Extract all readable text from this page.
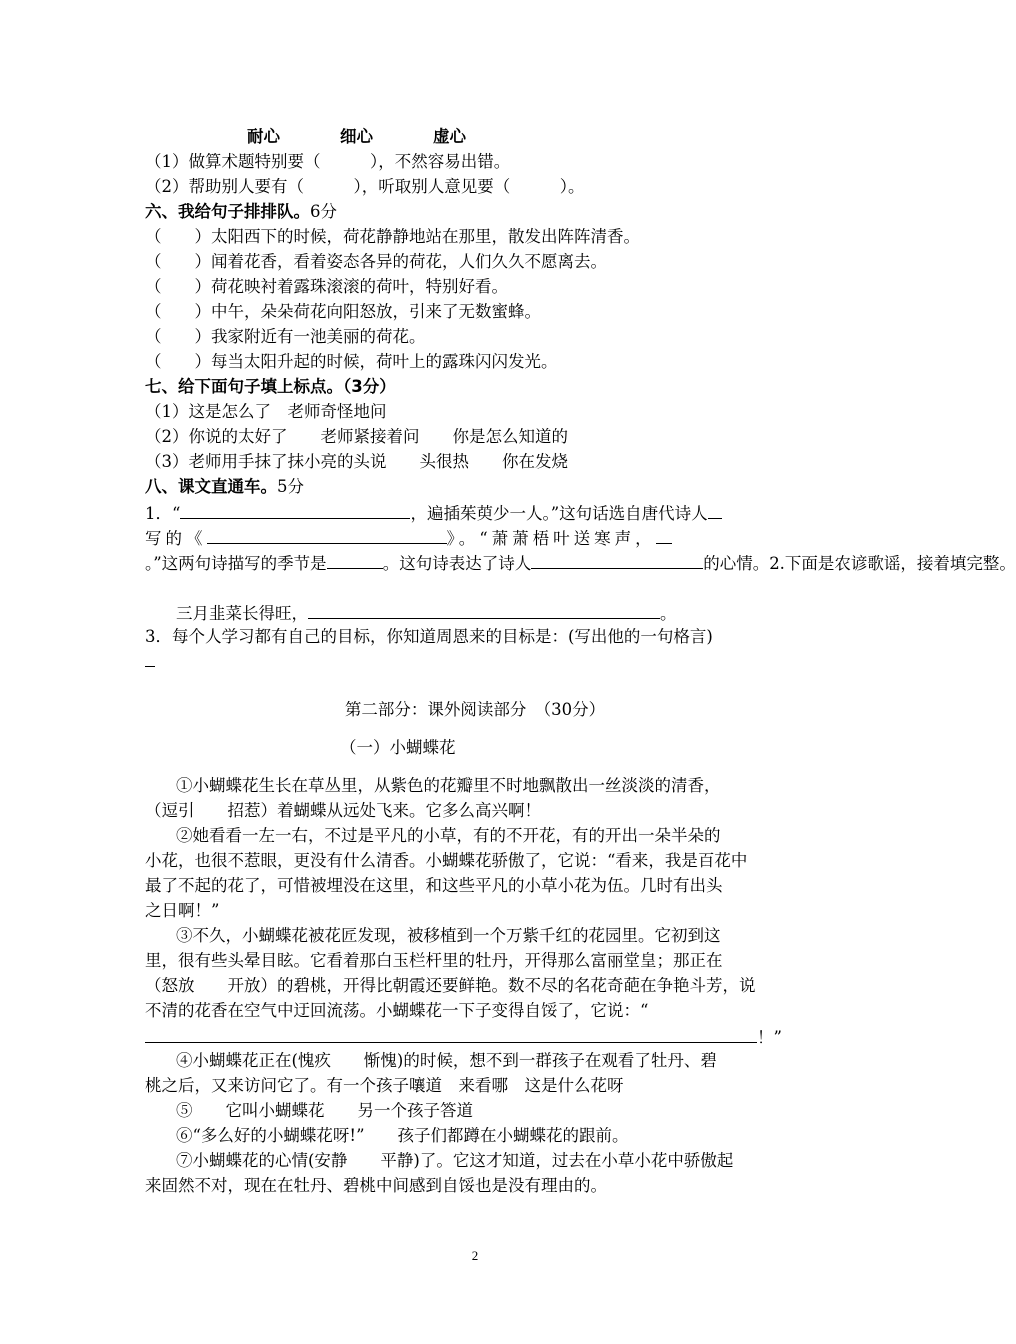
耐心	细心	虚心
（1）做算术题特别要（　　　），不然容易出错。
（2）帮助别人要有（　　　），听取别人意见要（　　　）。
六、我给句子排排队。6分
（　　）太阳西下的时候，荷花静静地站在那里，散发出阵阵清香。
（　　）闻着花香，看着姿态各异的荷花，人们久久不愿离去。
（　　）荷花映衬着露珠滚滚的荷叶，特别好看。
（　　）中午，朵朵荷花向阳怒放，引来了无数蜜蜂。
（　　）我家附近有一池美丽的荷花。
（　　）每当太阳升起的时候，荷叶上的露珠闪闪发光。
七、给下面句子填上标点。（3分）
（1）这是怎么了　老师奇怪地问
（2）你说的太好了　　老师紧接着问　　你是怎么知道的
（3）老师用手抹了抹小亮的头说　　头很热　　你在发烧
八、课文直通车。5分
1．“	，遍插茱萸少一人。”这句话选自唐代诗人
写的《	》。“萧萧梧叶送寒声，
。”这两句诗描写的季节是	。这句诗表达了诗人	的心情。2.下面是农谚歌谣，接着填完整。
三月韭菜长得旺，	。
3．每个人学习都有自己的目标，你知道周恩来的目标是：(写出他的一句格言)
第二部分：课外阅读部分　（30分）
（一）小蝴蝶花
①小蝴蝶花生长在草丛里，从紫色的花瓣里不时地飘散出一丝淡淡的清香，
（逗引　　招惹）着蝴蝶从远处飞来。它多么高兴啊！
②她看看一左一右，不过是平凡的小草，有的不开花，有的开出一朵半朵的
小花，也很不惹眼，更没有什么清香。小蝴蝶花骄傲了，它说：“看来，我是百花中
最了不起的花了，可惜被埋没在这里，和这些平凡的小草小花为伍。几时有出头
之日啊！”
③不久，小蝴蝶花被花匠发现，被移植到一个万紫千红的花园里。它初到这
里，很有些头晕目眩。它看着那白玉栏杆里的牡丹，开得那么富丽堂皇；那正在
（怒放　　开放）的碧桃，开得比朝霞还要鲜艳。数不尽的名花奇葩在争艳斗芳，说
不清的花香在空气中迂回流荡。小蝴蝶花一下子变得自馁了，它说：“
！”
④小蝴蝶花正在(愧疚　　惭愧)的时候，想不到一群孩子在观看了牡丹、碧
桃之后，又来访问它了。有一个孩子嚷道　来看哪　这是什么花呀
⑤　　它叫小蝴蝶花　　另一个孩子答道
⑥“多么好的小蝴蝶花呀!”　　孩子们都蹲在小蝴蝶花的跟前。
⑦小蝴蝶花的心情(安静　　平静)了。它这才知道，过去在小草小花中骄傲起
来固然不对，现在在牡丹、碧桃中间感到自馁也是没有理由的。
2
